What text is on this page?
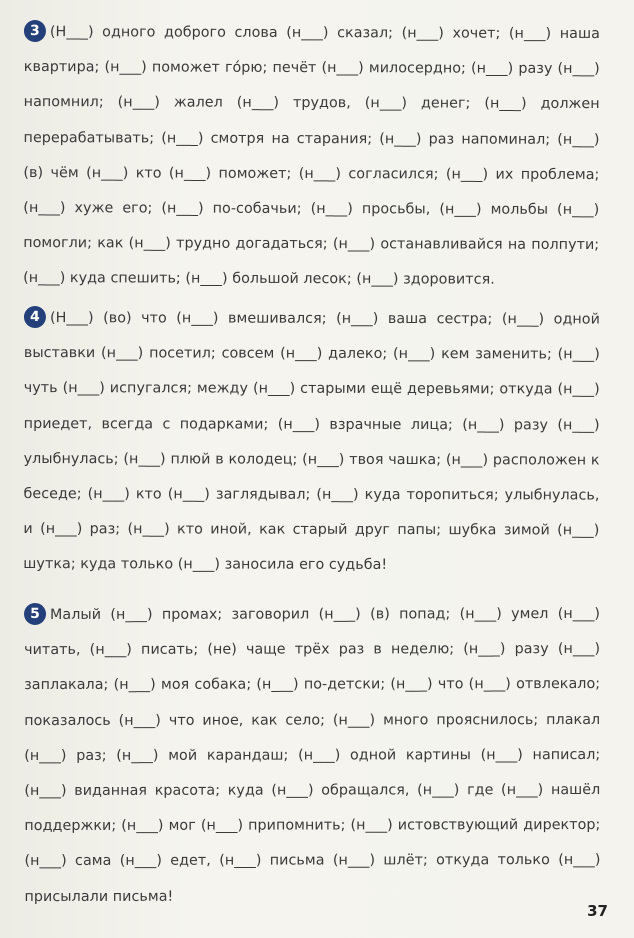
3 (Н___) одного доброго слова (н___) сказал; (н___) хочет; (н___) наша квартира; (н___) поможет гóрю; печёт (н___) милосердно; (н___) разу (н___) напомнил; (н___) жалел (н___) трудов, (н___) денег; (н___) должен перерабатывать; (н___) смотря на старания; (н___) раз напоминал; (н___) (в) чём (н___) кто (н___) поможет; (н___) согласился; (н___) их проблема; (н___) хуже его; (н___) по-собачьи; (н___) просьбы, (н___) мольбы (н___) помогли; как (н___) трудно догадаться; (н___) останавливайся на полпути; (н___) куда спешить; (н___) большой лесок; (н___) здоровится.
4 (Н___) (во) что (н___) вмешивался; (н___) ваша сестра; (н___) одной выставки (н___) посетил; совсем (н___) далеко; (н___) кем заменить; (н___) чуть (н___) испугался; между (н___) старыми ещё деревьями; откуда (н___) приедет, всегда с подарками; (н___) взрачные лица; (н___) разу (н___) улыбнулась; (н___) плюй в колодец; (н___) твоя чашка; (н___) расположен к беседе; (н___) кто (н___) заглядывал; (н___) куда торопиться; улыбнулась, и (н___) раз; (н___) кто иной, как старый друг папы; шубка зимой (н___) шутка; куда только (н___) заносила его судьба!
5 Малый (н___) промах; заговорил (н___) (в) попад; (н___) умел (н___) читать, (н___) писать; (не) чаще трёх раз в неделю; (н___) разу (н___) заплакала; (н___) моя собака; (н___) по-детски; (н___) что (н___) отвлекало; показалось (н___) что иное, как село; (н___) много прояснилось; плакал (н___) раз; (н___) мой карандаш; (н___) одной картины (н___) написал; (н___) виданная красота; куда (н___) обращался, (н___) где (н___) нашёл поддержки; (н___) мог (н___) припомнить; (н___) истовствующий директор; (н___) сама (н___) едет, (н___) письма (н___) шлёт; откуда только (н___) присылали письма!
37
